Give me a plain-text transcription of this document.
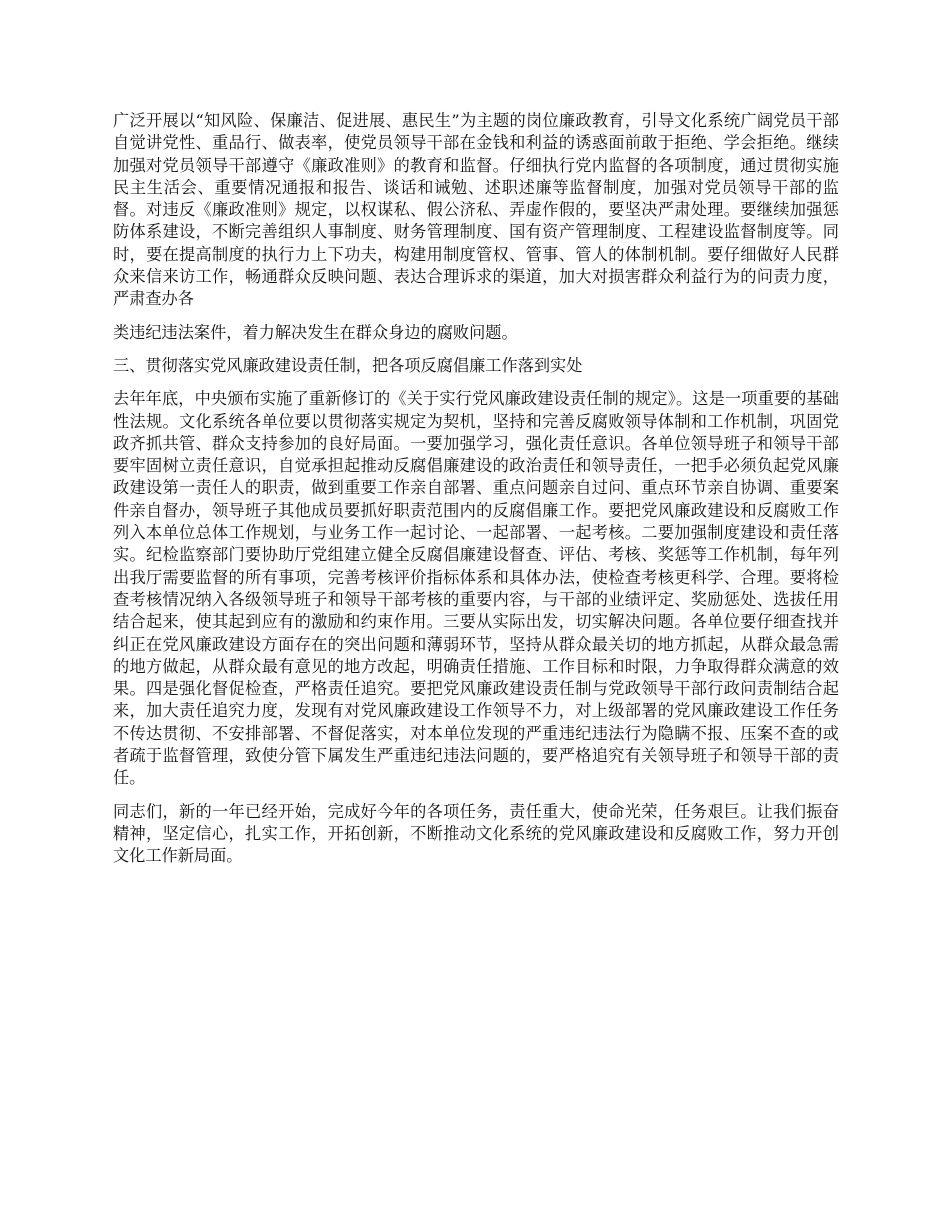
广泛开展以“知风险、保廉洁、促进展、惠民生”为主题的岗位廉政教育，引导文化系统广阔党员干部自觉讲党性、重品行、做表率，使党员领导干部在金钱和利益的诱惑面前敢于拒绝、学会拒绝。继续加强对党员领导干部遵守《廉政准则》的教育和监督。仔细执行党内监督的各项制度，通过贯彻实施民主生活会、重要情况通报和报告、谈话和诫勉、述职述廉等监督制度，加强对党员领导干部的监督。对违反《廉政准则》规定，以权谋私、假公济私、弄虚作假的，要坚决严肃处理。要继续加强惩防体系建设，不断完善组织人事制度、财务管理制度、国有资产管理制度、工程建设监督制度等。同时，要在提高制度的执行力上下功夫，构建用制度管权、管事、管人的体制机制。要仔细做好人民群众来信来访工作，畅通群众反映问题、表达合理诉求的渠道，加大对损害群众利益行为的问责力度，严肃查办各

类违纪违法案件，着力解决发生在群众身边的腐败问题。

三、贯彻落实党风廉政建设责任制，把各项反腐倡廉工作落到实处

去年年底，中央颁布实施了重新修订的《关于实行党风廉政建设责任制的规定》。这是一项重要的基础性法规。文化系统各单位要以贯彻落实规定为契机，坚持和完善反腐败领导体制和工作机制，巩固党政齐抓共管、群众支持参加的良好局面。一要加强学习，强化责任意识。各单位领导班子和领导干部要牢固树立责任意识，自觉承担起推动反腐倡廉建设的政治责任和领导责任，一把手必须负起党风廉政建设第一责任人的职责，做到重要工作亲自部署、重点问题亲自过问、重点环节亲自协调、重要案件亲自督办，领导班子其他成员要抓好职责范围内的反腐倡廉工作。要把党风廉政建设和反腐败工作列入本单位总体工作规划，与业务工作一起讨论、一起部署、一起考核。二要加强制度建设和责任落实。纪检监察部门要协助厅党组建立健全反腐倡廉建设督查、评估、考核、奖惩等工作机制，每年列出我厅需要监督的所有事项，完善考核评价指标体系和具体办法，使检查考核更科学、合理。要将检查考核情况纳入各级领导班子和领导干部考核的重要内容，与干部的业绩评定、奖励惩处、选拔任用结合起来，使其起到应有的激励和约束作用。三要从实际出发，切实解决问题。各单位要仔细查找并纠正在党风廉政建设方面存在的突出问题和薄弱环节，坚持从群众最关切的地方抓起，从群众最急需的地方做起，从群众最有意见的地方改起，明确责任措施、工作目标和时限，力争取得群众满意的效果。四是强化督促检查，严格责任追究。要把党风廉政建设责任制与党政领导干部行政问责制结合起来，加大责任追究力度，发现有对党风廉政建设工作领导不力，对上级部署的党风廉政建设工作任务不传达贯彻、不安排部署、不督促落实，对本单位发现的严重违纪违法行为隐瞒不报、压案不查的或者疏于监督管理，致使分管下属发生严重违纪违法问题的，要严格追究有关领导班子和领导干部的责任。

同志们，新的一年已经开始，完成好今年的各项任务，责任重大，使命光荣，任务艰巨。让我们振奋精神，坚定信心，扎实工作，开拓创新，不断推动文化系统的党风廉政建设和反腐败工作，努力开创文化工作新局面。
